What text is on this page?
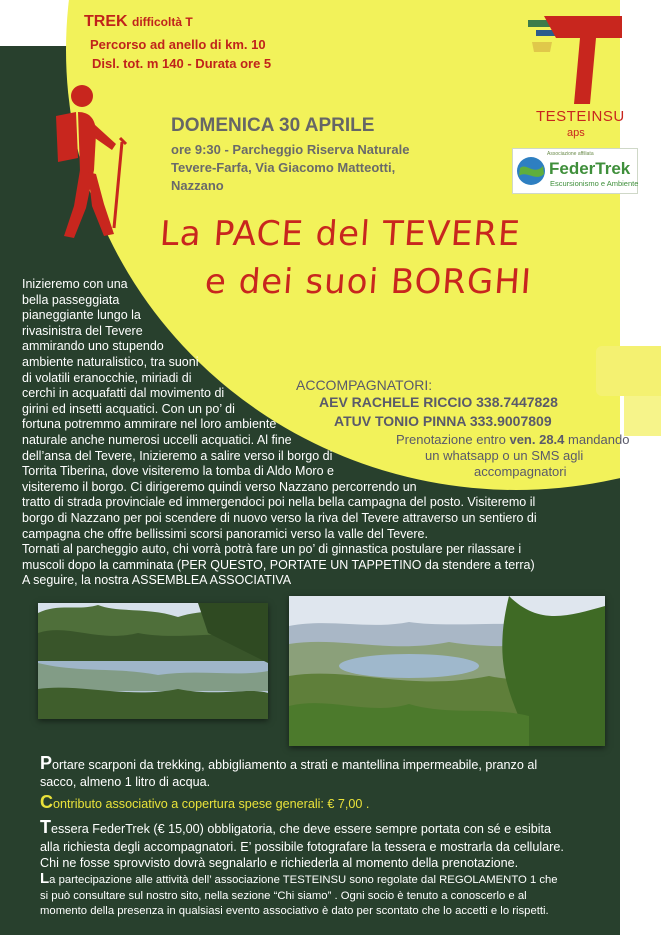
TREK difficoltà T
Percorso ad anello di km. 10
Disl. tot. m 140 - Durata ore 5
TESTEINSU
aps
Associazione affiliata
FederTrek
Escursionismo e Ambiente
DOMENICA 30 APRILE
ore 9:30 - Parcheggio Riserva Naturale
Tevere-Farfa, Via Giacomo Matteotti,
Nazzano
La PACE del TEVERE
e dei suoi BORGHI
ACCOMPAGNATORI:
AEV RACHELE RICCIO 338.7447828
ATUV TONIO PINNA 333.9007809
Prenotazione entro ven. 28.4 mandando
un whatsapp o un SMS agli
accompagnatori
Inizieremo con una
bella passeggiata
pianeggiante lungo la
rivasinistra del Tevere
ammirando uno stupendo
ambiente naturalistico, tra suoni
di volatili eranocchie, miriadi di
cerchi in acquafatti dal movimento di
girini ed insetti acquatici. Con un po’ di
fortuna potremmo ammirare nel loro ambiente
naturale anche numerosi uccelli acquatici. Al fine
dell’ansa del Tevere, Inizieremo a salire verso il borgo di
Torrita Tiberina, dove visiteremo la tomba di Aldo Moro e
visiteremo il borgo. Ci dirigeremo quindi verso Nazzano percorrendo un
tratto di strada provinciale ed immergendoci poi nella bella campagna del posto. Visiteremo il
borgo di Nazzano per poi scendere di nuovo verso la riva del Tevere attraverso un sentiero di
campagna che offre bellissimi scorsi panoramici verso la valle del Tevere.
Tornati al parcheggio auto, chi vorrà potrà fare un po’ di ginnastica postulare per rilassare i
muscoli dopo la camminata (PER QUESTO, PORTATE UN TAPPETINO da stendere a terra)
A seguire, la nostra ASSEMBLEA ASSOCIATIVA
Portare scarponi da trekking, abbigliamento a strati e mantellina impermeabile, pranzo al
sacco, almeno 1 litro di acqua.
Contributo associativo a copertura spese generali: € 7,00 .
Tessera FederTrek (€ 15,00) obbligatoria, che deve essere sempre portata con sé e esibita
alla richiesta degli accompagnatori. E’ possibile fotografare la tessera e mostrarla da cellulare.
Chi ne fosse sprovvisto dovrà segnalarlo e richiederla al momento della prenotazione.
La partecipazione alle attività dell’ associazione TESTEINSU sono regolate dal REGOLAMENTO 1 che
si può consultare sul nostro sito, nella sezione “Chi siamo” . Ogni socio è tenuto a conoscerlo e al
momento della presenza in qualsiasi evento associativo è dato per scontato che lo accetti e lo rispetti.
